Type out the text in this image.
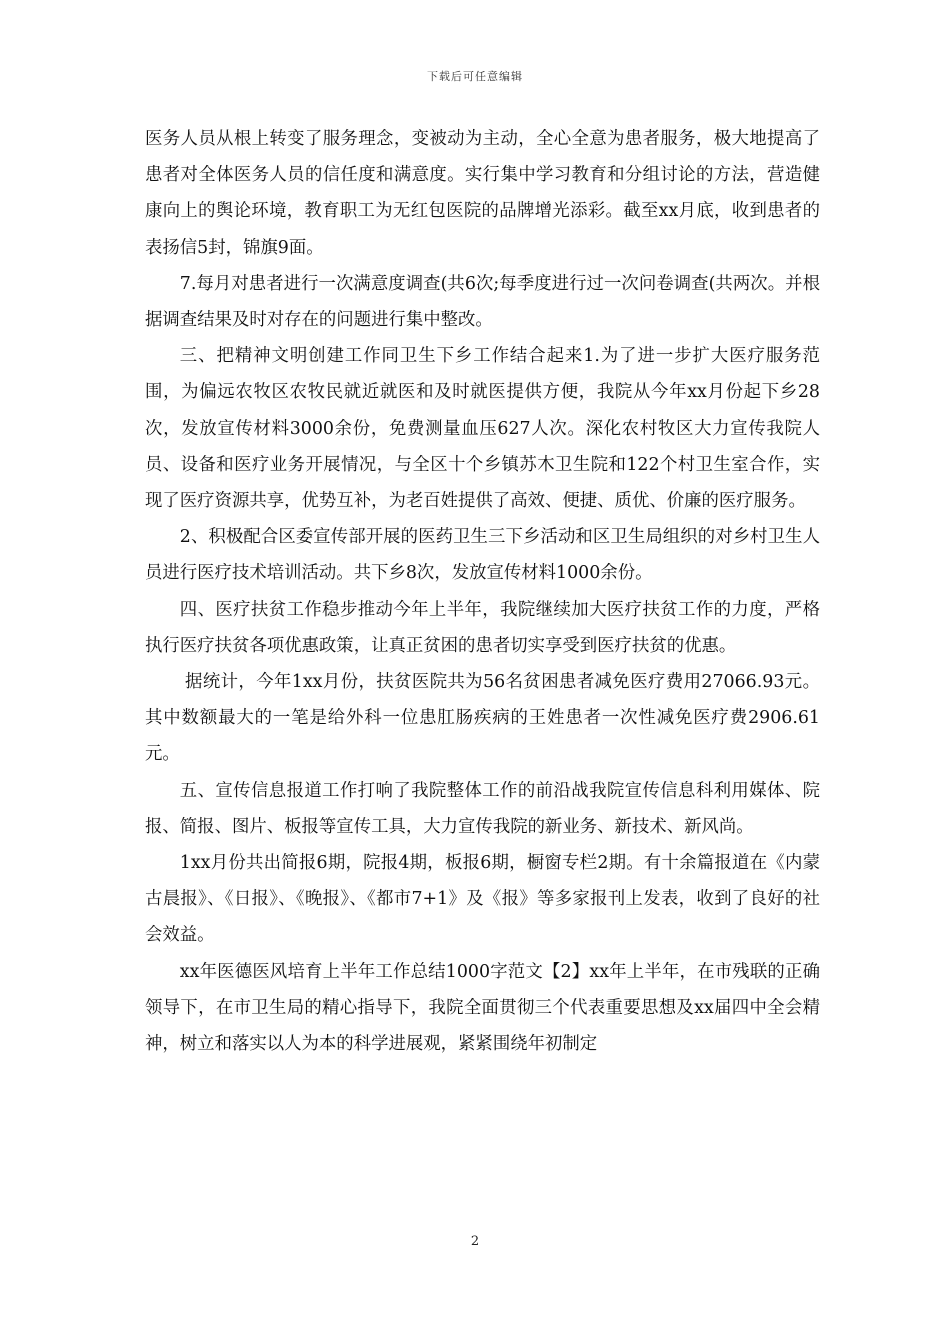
下载后可任意编辑

医务人员从根上转变了服务理念，变被动为主动，全心全意为患者服务，极大地提高了患者对全体医务人员的信任度和满意度。实行集中学习教育和分组讨论的方法，营造健康向上的舆论环境，教育职工为无红包医院的品牌增光添彩。截至xx月底，收到患者的表扬信5封，锦旗9面。

7.每月对患者进行一次满意度调查(共6次;每季度进行过一次问卷调查(共两次。并根据调查结果及时对存在的问题进行集中整改。

三、把精神文明创建工作同卫生下乡工作结合起来1.为了进一步扩大医疗服务范围，为偏远农牧区农牧民就近就医和及时就医提供方便，我院从今年xx月份起下乡28次，发放宣传材料3000余份，免费测量血压627人次。深化农村牧区大力宣传我院人员、设备和医疗业务开展情况，与全区十个乡镇苏木卫生院和122个村卫生室合作，实现了医疗资源共享，优势互补，为老百姓提供了高效、便捷、质优、价廉的医疗服务。

2、积极配合区委宣传部开展的医药卫生三下乡活动和区卫生局组织的对乡村卫生人员进行医疗技术培训活动。共下乡8次，发放宣传材料1000余份。

四、医疗扶贫工作稳步推动今年上半年，我院继续加大医疗扶贫工作的力度，严格执行医疗扶贫各项优惠政策，让真正贫困的患者切实享受到医疗扶贫的优惠。

据统计，今年1xx月份，扶贫医院共为56名贫困患者减免医疗费用27066.93元。其中数额最大的一笔是给外科一位患肛肠疾病的王姓患者一次性减免医疗费2906.61元。

五、宣传信息报道工作打响了我院整体工作的前沿战我院宣传信息科利用媒体、院报、简报、图片、板报等宣传工具，大力宣传我院的新业务、新技术、新风尚。

1xx月份共出简报6期，院报4期，板报6期，橱窗专栏2期。有十余篇报道在《内蒙古晨报》、《日报》、《晚报》、《都市7+1》及《报》等多家报刊上发表，收到了良好的社会效益。

xx年医德医风培育上半年工作总结1000字范文【2】xx年上半年，在市残联的正确领导下，在市卫生局的精心指导下，我院全面贯彻三个代表重要思想及xx届四中全会精神，树立和落实以人为本的科学进展观，紧紧围绕年初制定

2
